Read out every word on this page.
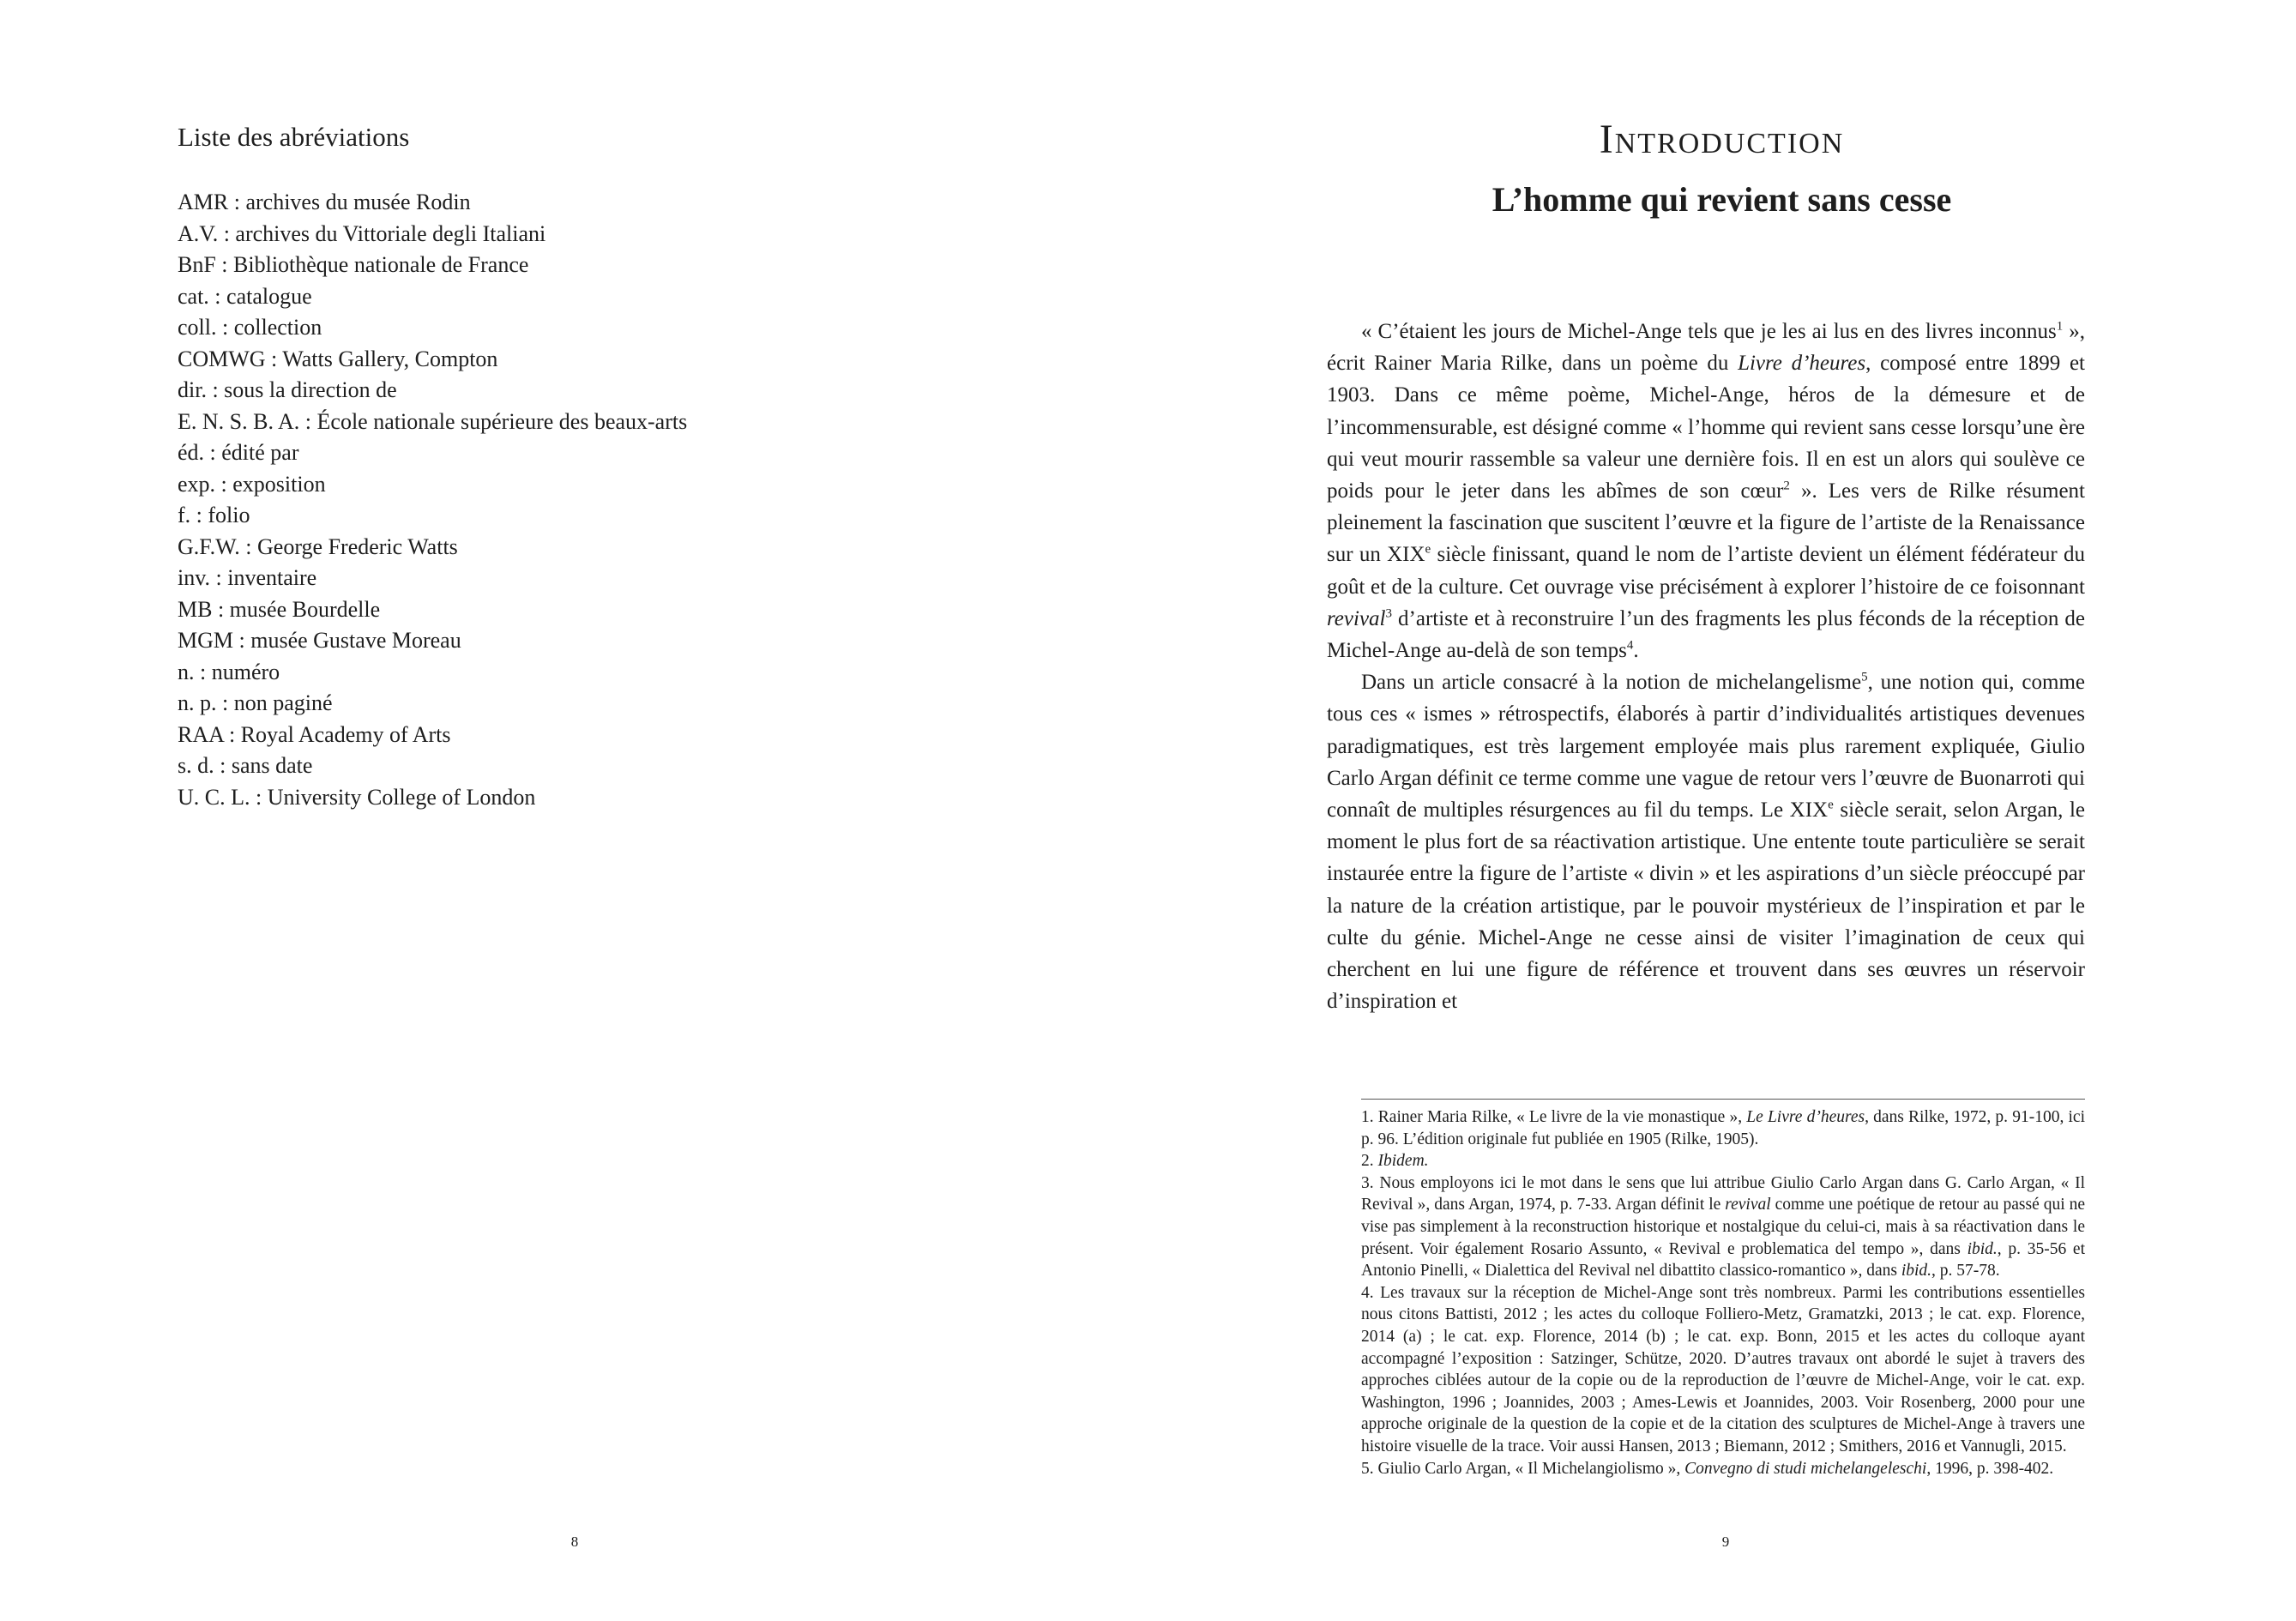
Liste des abréviations
AMR : archives du musée Rodin
A.V. : archives du Vittoriale degli Italiani
BnF : Bibliothèque nationale de France
cat. : catalogue
coll. : collection
COMWG : Watts Gallery, Compton
dir. : sous la direction de
E. N. S. B. A. : École nationale supérieure des beaux-arts
éd. : édité par
exp. : exposition
f. : folio
G.F.W. : George Frederic Watts
inv. : inventaire
MB : musée Bourdelle
MGM : musée Gustave Moreau
n. : numéro
n. p. : non paginé
RAA : Royal Academy of Arts
s. d. : sans date
U. C. L. : University College of London
8
Introduction
L’homme qui revient sans cesse

« C’étaient les jours de Michel-Ange tels que je les ai lus en des livres inconnus$^1$ », écrit Rainer Maria Rilke, dans un poème du Livre d’heures, composé entre 1899 et 1903. Dans ce même poème, Michel-Ange, héros de la démesure et de l’incommensurable, est désigné comme « l’homme qui revient sans cesse lorsqu’une ère qui veut mourir rassemble sa valeur une dernière fois. Il en est un alors qui soulève ce poids pour le jeter dans les abîmes de son cœur$^2$ ». Les vers de Rilke résument pleinement la fascination que suscitent l’œuvre et la figure de l’artiste de la Renaissance sur un XIXe siècle finissant, quand le nom de l’artiste devient un élément fédérateur du goût et de la culture. Cet ouvrage vise précisément à explorer l’histoire de ce foisonnant revival$^3$ d’artiste et à reconstruire l’un des fragments les plus féconds de la réception de Michel-Ange au-delà de son temps$^4$.

Dans un article consacré à la notion de michelangelisme$^5$, une notion qui, comme tous ces « ismes » rétrospectifs, élaborés à partir d’individualités artistiques devenues paradigmatiques, est très largement employée mais plus rarement expliquée, Giulio Carlo Argan définit ce terme comme une vague de retour vers l’œuvre de Buonarroti qui connaît de multiples résurgences au fil du temps. Le XIXe siècle serait, selon Argan, le moment le plus fort de sa réactivation artistique. Une entente toute particulière se serait instaurée entre la figure de l’artiste « divin » et les aspirations d’un siècle préoccupé par la nature de la création artistique, par le pouvoir mystérieux de l’inspiration et par le culte du génie. Michel-Ange ne cesse ainsi de visiter l’imagination de ceux qui cherchent en lui une figure de référence et trouvent dans ses œuvres un réservoir d’inspiration et

1. Rainer Maria Rilke, « Le livre de la vie monastique », Le Livre d’heures, dans Rilke, 1972, p. 91-100, ici p. 96. L’édition originale fut publiée en 1905 (Rilke, 1905).

2. Ibidem.

3. Nous employons ici le mot dans le sens que lui attribue Giulio Carlo Argan dans G. Carlo Argan, « Il Revival », dans Argan, 1974, p. 7-33. Argan définit le revival comme une poétique de retour au passé qui ne vise pas simplement à la reconstruction historique et nostalgique du celui-ci, mais à sa réactivation dans le présent. Voir également Rosario Assunto, « Revival e problematica del tempo », dans ibid., p. 35-56 et Antonio Pinelli, « Dialettica del Revival nel dibattito classico-romantico », dans ibid., p. 57-78.

4. Les travaux sur la réception de Michel-Ange sont très nombreux. Parmi les contributions essentielles nous citons Battisti, 2012 ; les actes du colloque Folliero-Metz, Gramatzki, 2013 ; le cat. exp. Florence, 2014 (a) ; le cat. exp. Florence, 2014 (b) ; le cat. exp. Bonn, 2015 et les actes du colloque ayant accompagné l’exposition : Satzinger, Schütze, 2020. D’autres travaux ont abordé le sujet à travers des approches ciblées autour de la copie ou de la reproduction de l’œuvre de Michel-Ange, voir le cat. exp. Washington, 1996 ; Joannides, 2003 ; Ames-Lewis et Joannides, 2003. Voir Rosenberg, 2000 pour une approche originale de la question de la copie et de la citation des sculptures de Michel-Ange à travers une histoire visuelle de la trace. Voir aussi Hansen, 2013 ; Biemann, 2012 ; Smithers, 2016 et Vannugli, 2015.

5. Giulio Carlo Argan, « Il Michelangiolismo », Convegno di studi michelangeleschi, 1996, p. 398-402.

9
